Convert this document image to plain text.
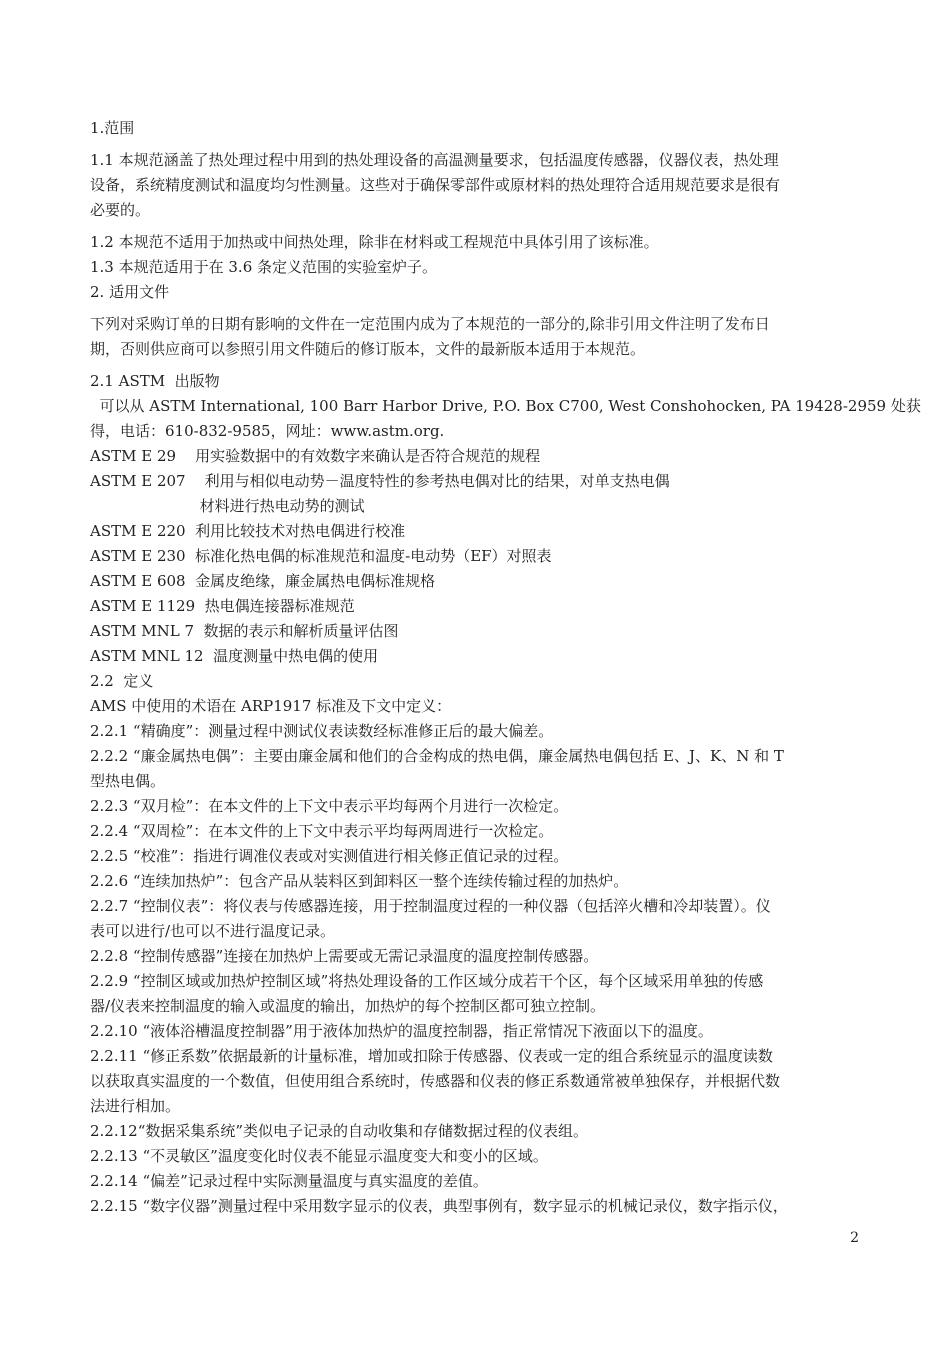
1.范围
1.1 本规范涵盖了热处理过程中用到的热处理设备的高温测量要求，包括温度传感器，仪器仪表，热处理
设备，系统精度测试和温度均匀性测量。这些对于确保零部件或原材料的热处理符合适用规范要求是很有
必要的。
1.2 本规范不适用于加热或中间热处理，除非在材料或工程规范中具体引用了该标准。
1.3 本规范适用于在 3.6 条定义范围的实验室炉子。
2. 适用文件
下列对采购订单的日期有影响的文件在一定范围内成为了本规范的一部分的,除非引用文件注明了发布日
期，否则供应商可以参照引用文件随后的修订版本，文件的最新版本适用于本规范。
2.1 ASTM  出版物
可以从 ASTM International, 100 Barr Harbor Drive, P.O. Box C700, West Conshohocken, PA 19428-2959 处获
得，电话：610-832-9585，网址：www.astm.org.
ASTM E 29    用实验数据中的有效数字来确认是否符合规范的规程
ASTM E 207    利用与相似电动势－温度特性的参考热电偶对比的结果，对单支热电偶
材料进行热电动势的测试
ASTM E 220  利用比较技术对热电偶进行校准
ASTM E 230  标准化热电偶的标准规范和温度-电动势（EF）对照表
ASTM E 608  金属皮绝缘，廉金属热电偶标准规格
ASTM E 1129  热电偶连接器标准规范
ASTM MNL 7  数据的表示和解析质量评估图
ASTM MNL 12  温度测量中热电偶的使用
2.2  定义
AMS 中使用的术语在 ARP1917 标准及下文中定义：
2.2.1 “精确度”：测量过程中测试仪表读数经标准修正后的最大偏差。
2.2.2 “廉金属热电偶”：主要由廉金属和他们的合金构成的热电偶，廉金属热电偶包括 E、J、K、N 和 T
型热电偶。
2.2.3 “双月检”：在本文件的上下文中表示平均每两个月进行一次检定。
2.2.4 “双周检”：在本文件的上下文中表示平均每两周进行一次检定。
2.2.5 “校准”：指进行调准仪表或对实测值进行相关修正值记录的过程。
2.2.6 “连续加热炉”：包含产品从装料区到卸料区一整个连续传输过程的加热炉。
2.2.7 “控制仪表”：将仪表与传感器连接，用于控制温度过程的一种仪器（包括淬火槽和冷却装置）。仪
表可以进行/也可以不进行温度记录。
2.2.8 “控制传感器”连接在加热炉上需要或无需记录温度的温度控制传感器。
2.2.9 “控制区域或加热炉控制区域”将热处理设备的工作区域分成若干个区，每个区域采用单独的传感
器/仪表来控制温度的输入或温度的输出，加热炉的每个控制区都可独立控制。
2.2.10 “液体浴槽温度控制器”用于液体加热炉的温度控制器，指正常情况下液面以下的温度。
2.2.11 “修正系数”依据最新的计量标准，增加或扣除于传感器、仪表或一定的组合系统显示的温度读数
以获取真实温度的一个数值，但使用组合系统时，传感器和仪表的修正系数通常被单独保存，并根据代数
法进行相加。
2.2.12“数据采集系统”类似电子记录的自动收集和存储数据过程的仪表组。
2.2.13 “不灵敏区”温度变化时仪表不能显示温度变大和变小的区域。
2.2.14 “偏差”记录过程中实际测量温度与真实温度的差值。
2.2.15 “数字仪器”测量过程中采用数字显示的仪表，典型事例有，数字显示的机械记录仪，数字指示仪，
2
